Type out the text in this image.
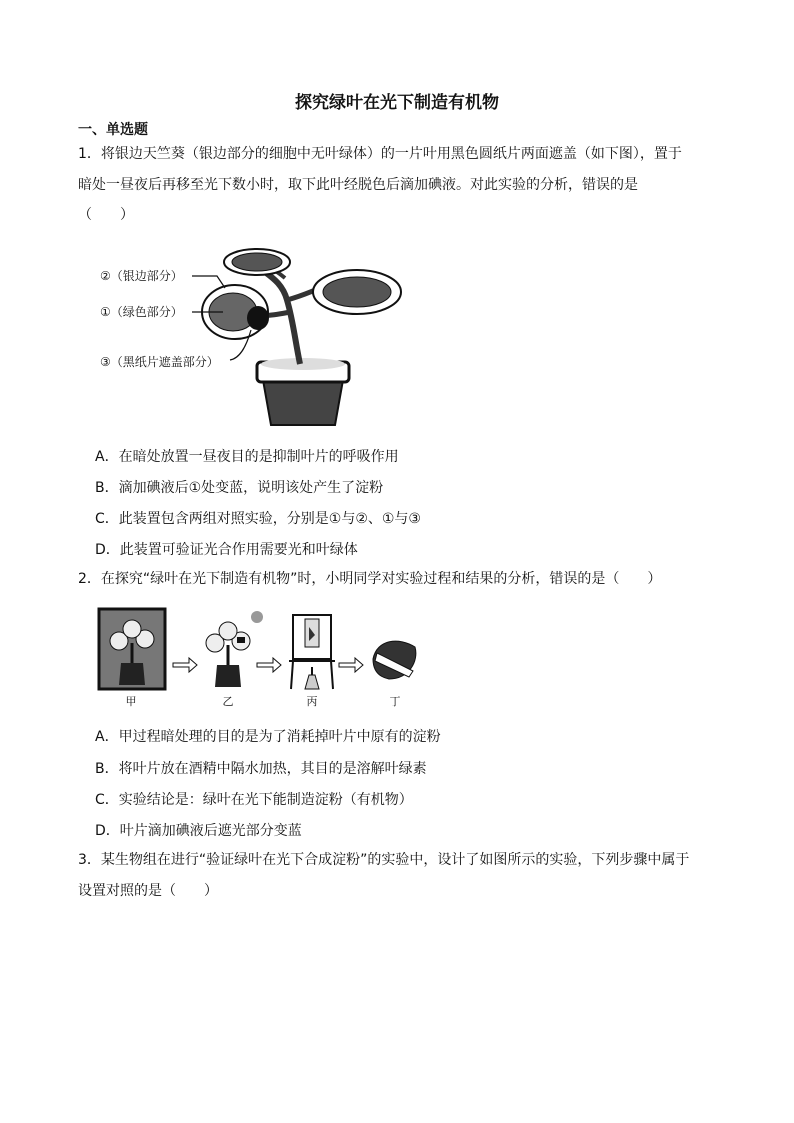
探究绿叶在光下制造有机物
一、单选题
1．将银边天竺葵（银边部分的细胞中无叶绿体）的一片叶用黑色圆纸片两面遮盖（如下图），置于
暗处一昼夜后再移至光下数小时，取下此叶经脱色后滴加碘液。对此实验的分析，错误的是
（　　）
②（银边部分）
①（绿色部分）
③（黑纸片遮盖部分）
A．在暗处放置一昼夜目的是抑制叶片的呼吸作用
B．滴加碘液后①处变蓝，说明该处产生了淀粉
C．此装置包含两组对照实验，分别是①与②、①与③
D．此装置可验证光合作用需要光和叶绿体
2．在探究“绿叶在光下制造有机物”时，小明同学对实验过程和结果的分析，错误的是（　　）
甲	乙	丙	丁
A．甲过程暗处理的目的是为了消耗掉叶片中原有的淀粉
B．将叶片放在酒精中隔水加热，其目的是溶解叶绿素
C．实验结论是：绿叶在光下能制造淀粉（有机物）
D．叶片滴加碘液后遮光部分变蓝
3．某生物组在进行“验证绿叶在光下合成淀粉”的实验中，设计了如图所示的实验，下列步骤中属于
设置对照的是（　　）
